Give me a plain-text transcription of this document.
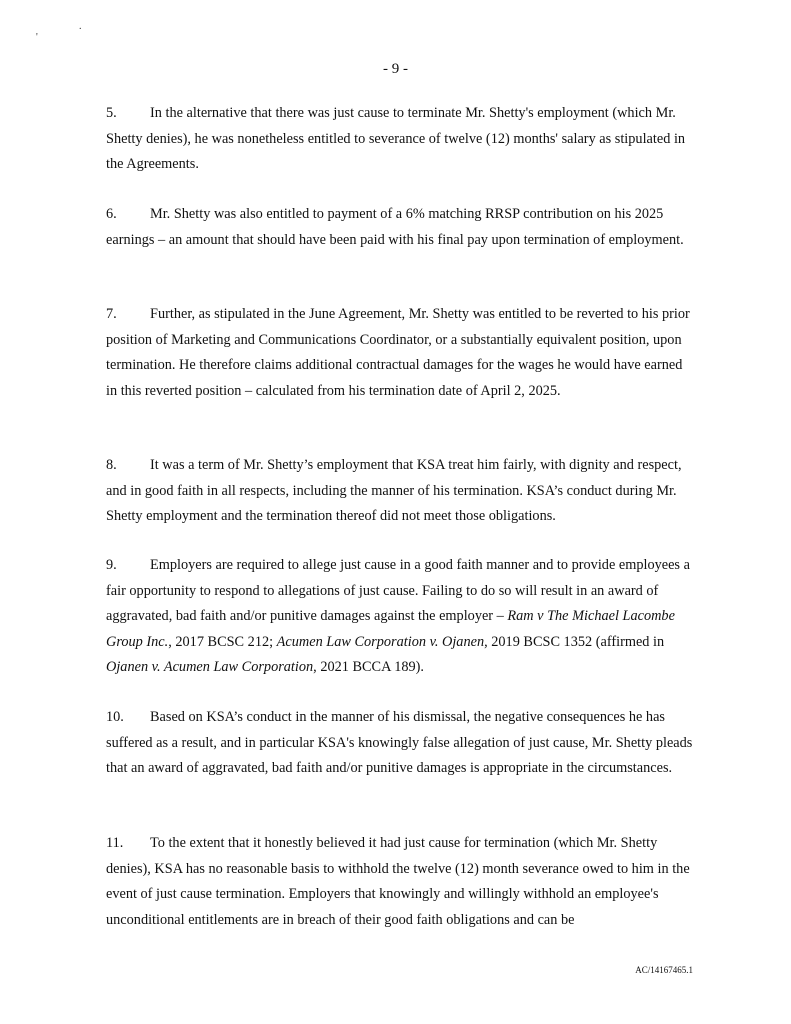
'
.
- 9 -

5. In the alternative that there was just cause to terminate Mr. Shetty's employment (which Mr. Shetty denies), he was nonetheless entitled to severance of twelve (12) months' salary as stipulated in the Agreements.

6. Mr. Shetty was also entitled to payment of a 6% matching RRSP contribution on his 2025 earnings – an amount that should have been paid with his final pay upon termination of employment.

7. Further, as stipulated in the June Agreement, Mr. Shetty was entitled to be reverted to his prior position of Marketing and Communications Coordinator, or a substantially equivalent position, upon termination. He therefore claims additional contractual damages for the wages he would have earned in this reverted position – calculated from his termination date of April 2, 2025.

8. It was a term of Mr. Shetty’s employment that KSA treat him fairly, with dignity and respect, and in good faith in all respects, including the manner of his termination. KSA’s conduct during Mr. Shetty employment and the termination thereof did not meet those obligations.

9. Employers are required to allege just cause in a good faith manner and to provide employees a fair opportunity to respond to allegations of just cause. Failing to do so will result in an award of aggravated, bad faith and/or punitive damages against the employer – Ram v The Michael Lacombe Group Inc., 2017 BCSC 212; Acumen Law Corporation v. Ojanen, 2019 BCSC 1352 (affirmed in Ojanen v. Acumen Law Corporation, 2021 BCCA 189).

10. Based on KSA’s conduct in the manner of his dismissal, the negative consequences he has suffered as a result, and in particular KSA's knowingly false allegation of just cause, Mr. Shetty pleads that an award of aggravated, bad faith and/or punitive damages is appropriate in the circumstances.

11. To the extent that it honestly believed it had just cause for termination (which Mr. Shetty denies), KSA has no reasonable basis to withhold the twelve (12) month severance owed to him in the event of just cause termination. Employers that knowingly and willingly withhold an employee's unconditional entitlements are in breach of their good faith obligations and can be

AC/14167465.1
